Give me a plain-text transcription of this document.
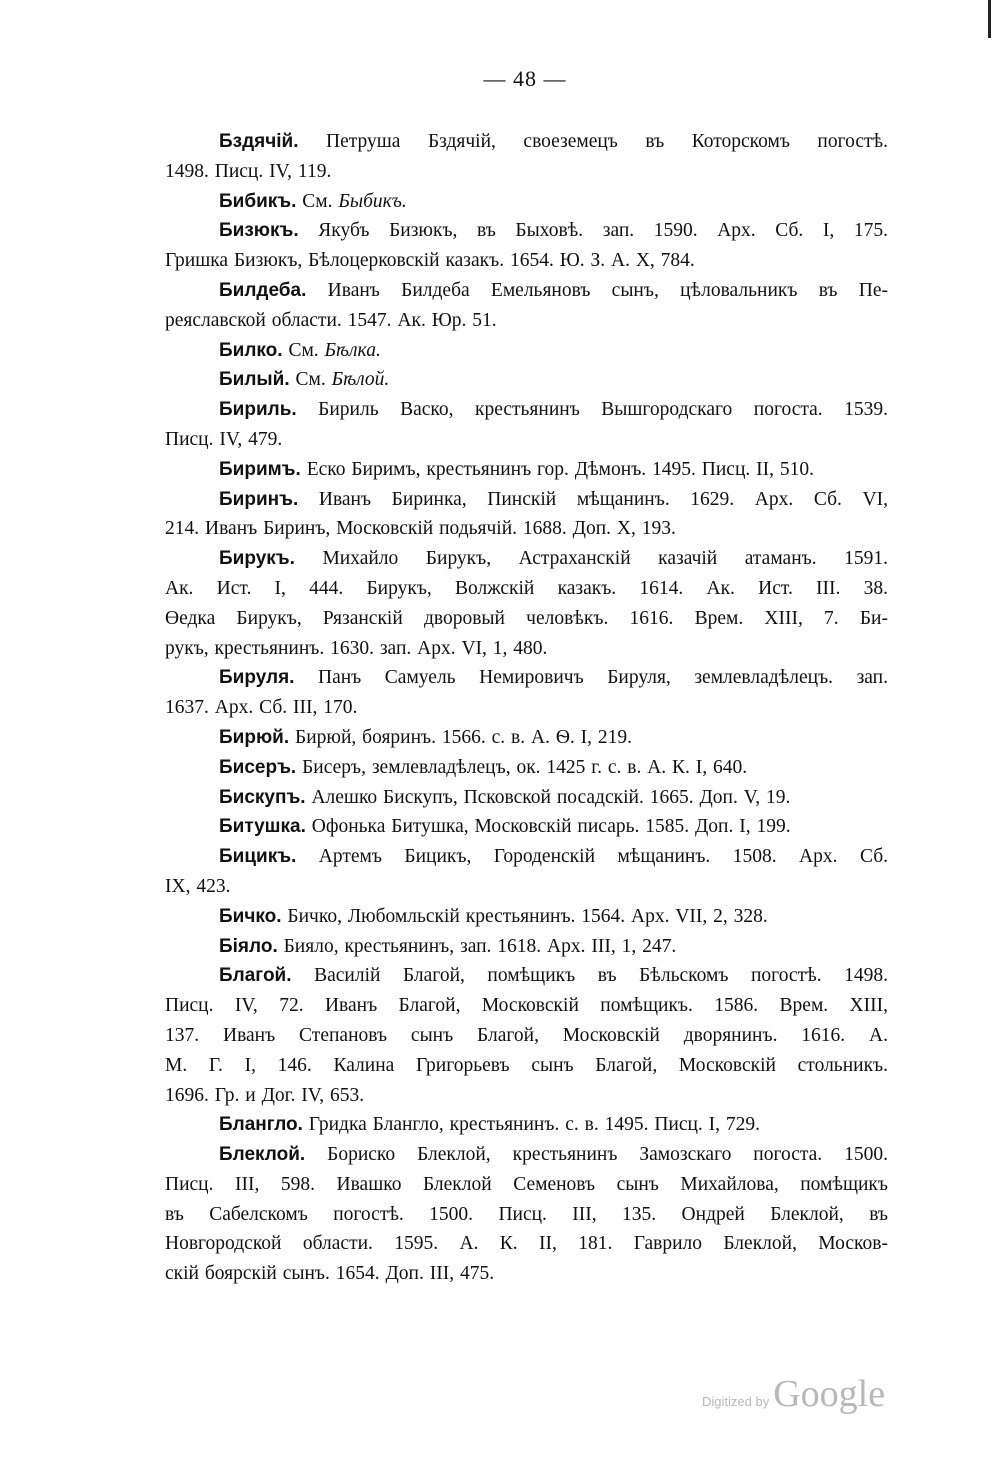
— 48 —
Бздячій. Петруша Бздячій, своеземецъ въ Которскомъ погостѣ.
1498. Писц. IV, 119.
Бибикъ. См. Быбикъ.
Бизюкъ. Якубъ Бизюкъ, въ Быховѣ. зап. 1590. Арх. Сб. I, 175.
Гришка Бизюкъ, Бѣлоцерковскій казакъ. 1654. Ю. З. А. X, 784.
Билдеба. Иванъ Билдеба Емельяновъ сынъ, цѣловальникъ въ Пе-
реяславской области. 1547. Ак. Юр. 51.
Билко. См. Бѣлка.
Билый. См. Бѣлой.
Бириль. Бириль Васко, крестьянинъ Вышгородскаго погоста. 1539.
Писц. IV, 479.
Биримъ. Еско Биримъ, крестьянинъ гор. Дѣмонъ. 1495. Писц. II, 510.
Биринъ. Иванъ Биринка, Пинскій мѣщанинъ. 1629. Арх. Сб. VI,
214. Иванъ Биринъ, Московскій подьячій. 1688. Доп. X, 193.
Бирукъ. Михайло Бирукъ, Астраханскій казачій атаманъ. 1591.
Ак. Ист. I, 444. Бирукъ, Волжскій казакъ. 1614. Ак. Ист. III. 38.
Өедка Бирукъ, Рязанскій дворовый человѣкъ. 1616. Врем. XIII, 7. Би-
рукъ, крестьянинъ. 1630. зап. Арх. VI, 1, 480.
Бируля. Панъ Самуель Немировичъ Бируля, землевладѣлецъ. зап.
1637. Арх. Сб. III, 170.
Бирюй. Бирюй, бояринъ. 1566. с. в. А. Ѳ. I, 219.
Бисеръ. Бисеръ, землевладѣлецъ, ок. 1425 г. с. в. А. К. I, 640.
Бискупъ. Алешко Бискупъ, Псковской посадскій. 1665. Доп. V, 19.
Битушка. Офонька Битушка, Московскій писарь. 1585. Доп. I, 199.
Бицикъ. Артемъ Бицикъ, Городенскій мѣщанинъ. 1508. Арх. Сб.
IX, 423.
Бичко. Бичко, Любомльскій крестьянинъ. 1564. Арх. VII, 2, 328.
Біяло. Бияло, крестьянинъ, зап. 1618. Арх. III, 1, 247.
Благой. Василій Благой, помѣщикъ въ Бѣльскомъ погостѣ. 1498.
Писц. IV, 72. Иванъ Благой, Московскій помѣщикъ. 1586. Врем. XIII,
137. Иванъ Степановъ сынъ Благой, Московскій дворянинъ. 1616. А.
М. Г. I, 146. Калина Григорьевъ сынъ Благой, Московскій стольникъ.
1696. Гр. и Дог. IV, 653.
Блангло. Гридка Блангло, крестьянинъ. с. в. 1495. Писц. I, 729.
Блеклой. Бориско Блеклой, крестьянинъ Замозскаго погоста. 1500.
Писц. III, 598. Ивашко Блеклой Семеновъ сынъ Михайлова, помѣщикъ
въ Сабелскомъ погостѣ. 1500. Писц. III, 135. Ондрей Блеклой, въ
Новгородской области. 1595. А. К. II, 181. Гаврило Блеклой, Москов-
скій боярскій сынъ. 1654. Доп. III, 475.
Digitized by Google
